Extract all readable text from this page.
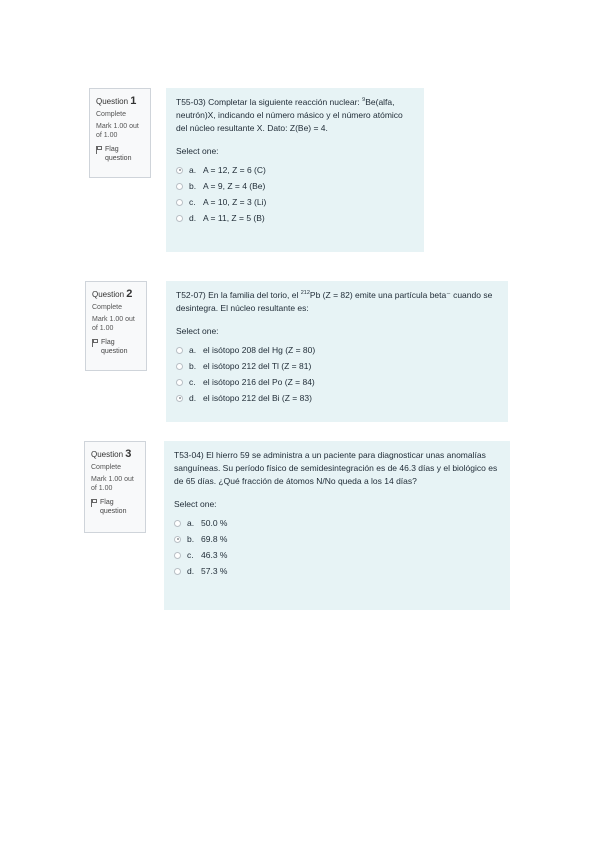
Question 1
Complete
Mark 1.00 out of 1.00
Flag question
T55-03) Completar la siguiente reacción nuclear: $^9$Be(alfa, neutrón)X, indicando el número másico y el número atómico del núcleo resultante X. Dato: Z(Be) = 4.
Select one:
a. A = 12, Z = 6 (C)
b. A = 9, Z = 4 (Be)
c. A = 10, Z = 3 (Li)
d. A = 11, Z = 5 (B)
Question 2
Complete
Mark 1.00 out of 1.00
Flag question
T52-07) En la familia del torio, el $^{212}$Pb (Z = 82) emite una partícula beta⁻ cuando se desintegra. El núcleo resultante es:
Select one:
a. el isótopo 208 del Hg (Z = 80)
b. el isótopo 212 del Tl (Z = 81)
c. el isótopo 216 del Po (Z = 84)
d. el isótopo 212 del Bi (Z = 83)
Question 3
Complete
Mark 1.00 out of 1.00
Flag question
T53-04) El hierro 59 se administra a un paciente para diagnosticar unas anomalías sanguíneas. Su período físico de semidesintegración es de 46.3 días y el biológico es de 65 días. ¿Qué fracción de átomos N/No queda a los 14 días?
Select one:
a. 50.0 %
b. 69.8 %
c. 46.3 %
d. 57.3 %
